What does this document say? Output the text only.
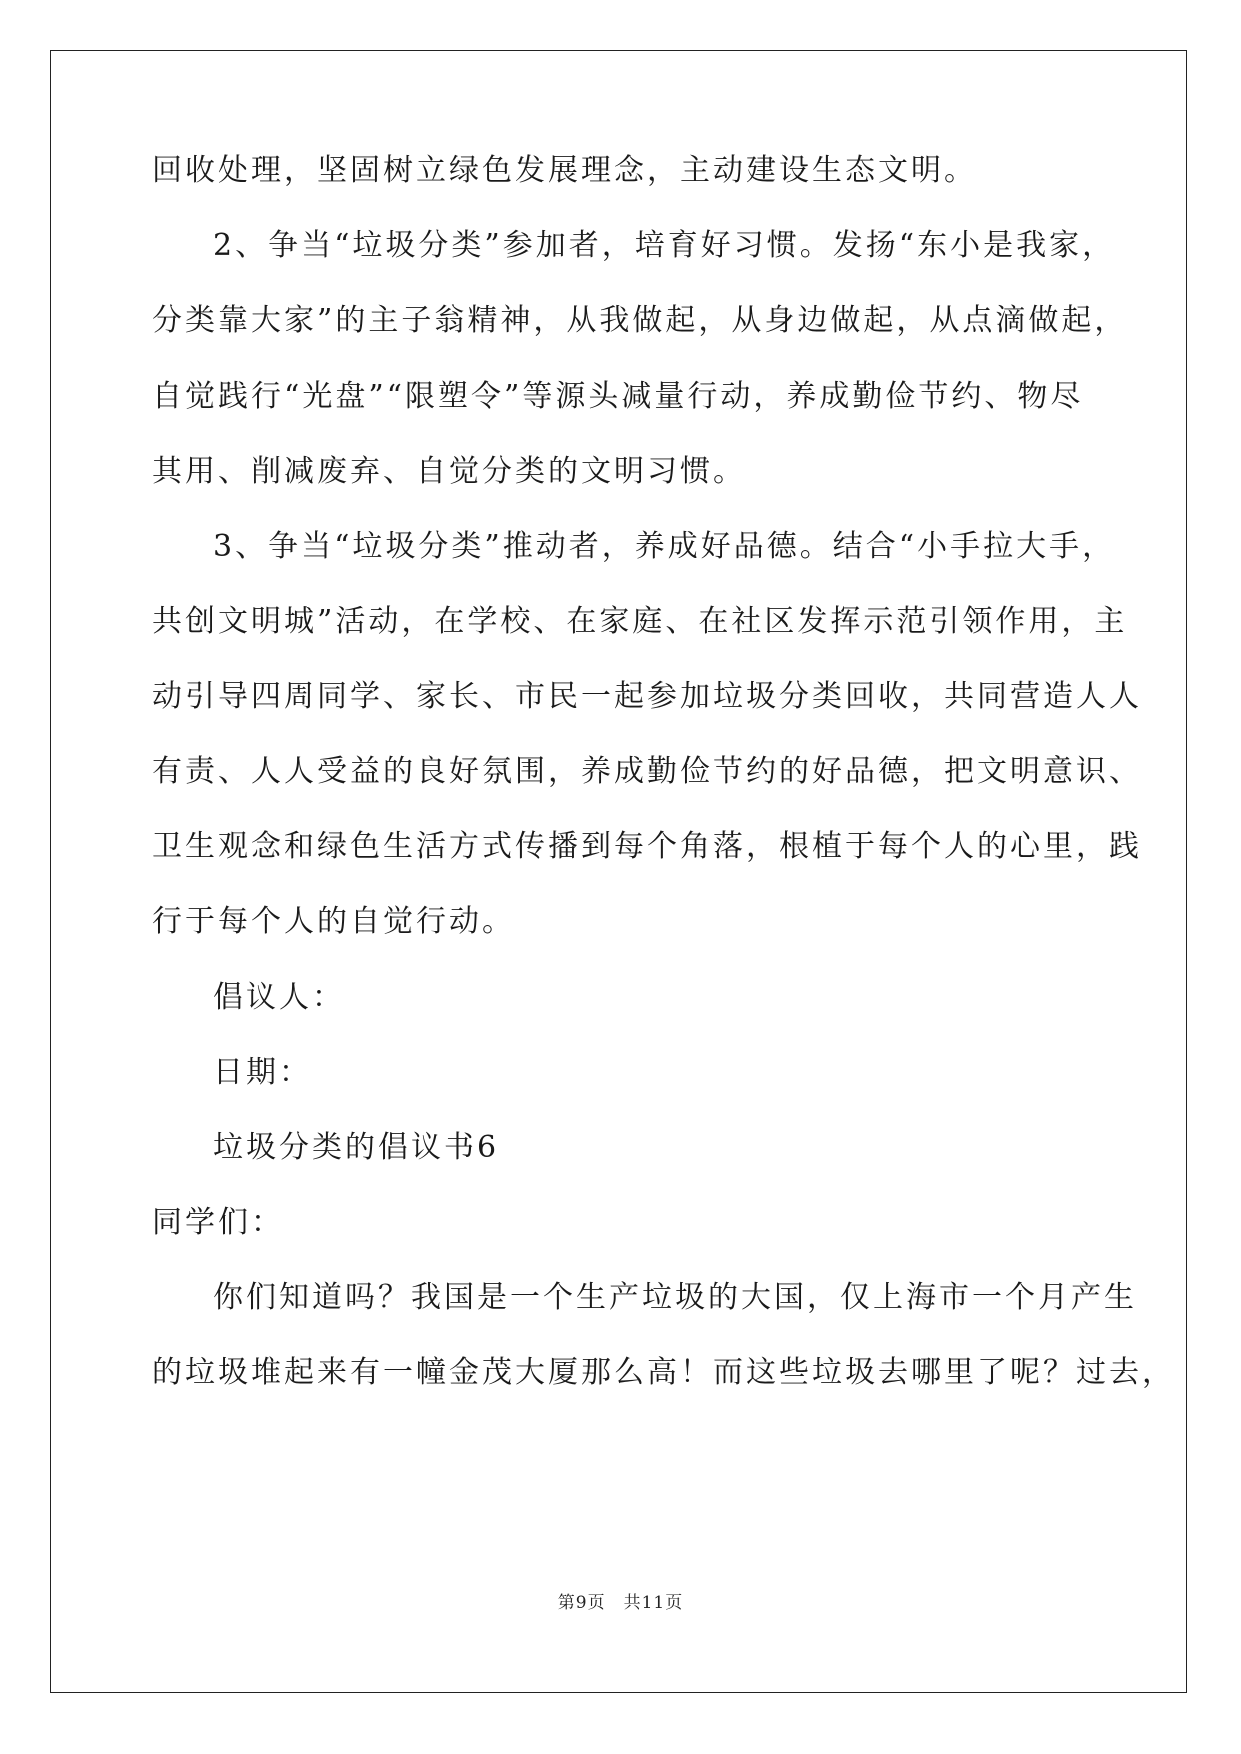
回收处理，坚固树立绿色发展理念，主动建设生态文明。
2、争当“垃圾分类”参加者，培育好习惯。发扬“东小是我家，
分类靠大家”的主子翁精神，从我做起，从身边做起，从点滴做起，
自觉践行“光盘”“限塑令”等源头减量行动，养成勤俭节约、物尽
其用、削减废弃、自觉分类的文明习惯。
3、争当“垃圾分类”推动者，养成好品德。结合“小手拉大手，
共创文明城”活动，在学校、在家庭、在社区发挥示范引领作用，主
动引导四周同学、家长、市民一起参加垃圾分类回收，共同营造人人
有责、人人受益的良好氛围，养成勤俭节约的好品德，把文明意识、
卫生观念和绿色生活方式传播到每个角落，根植于每个人的心里，践
行于每个人的自觉行动。
倡议人：
日期：
垃圾分类的倡议书6
同学们：
你们知道吗？我国是一个生产垃圾的大国，仅上海市一个月产生
的垃圾堆起来有一幢金茂大厦那么高！而这些垃圾去哪里了呢？过去，
第9页　共11页
